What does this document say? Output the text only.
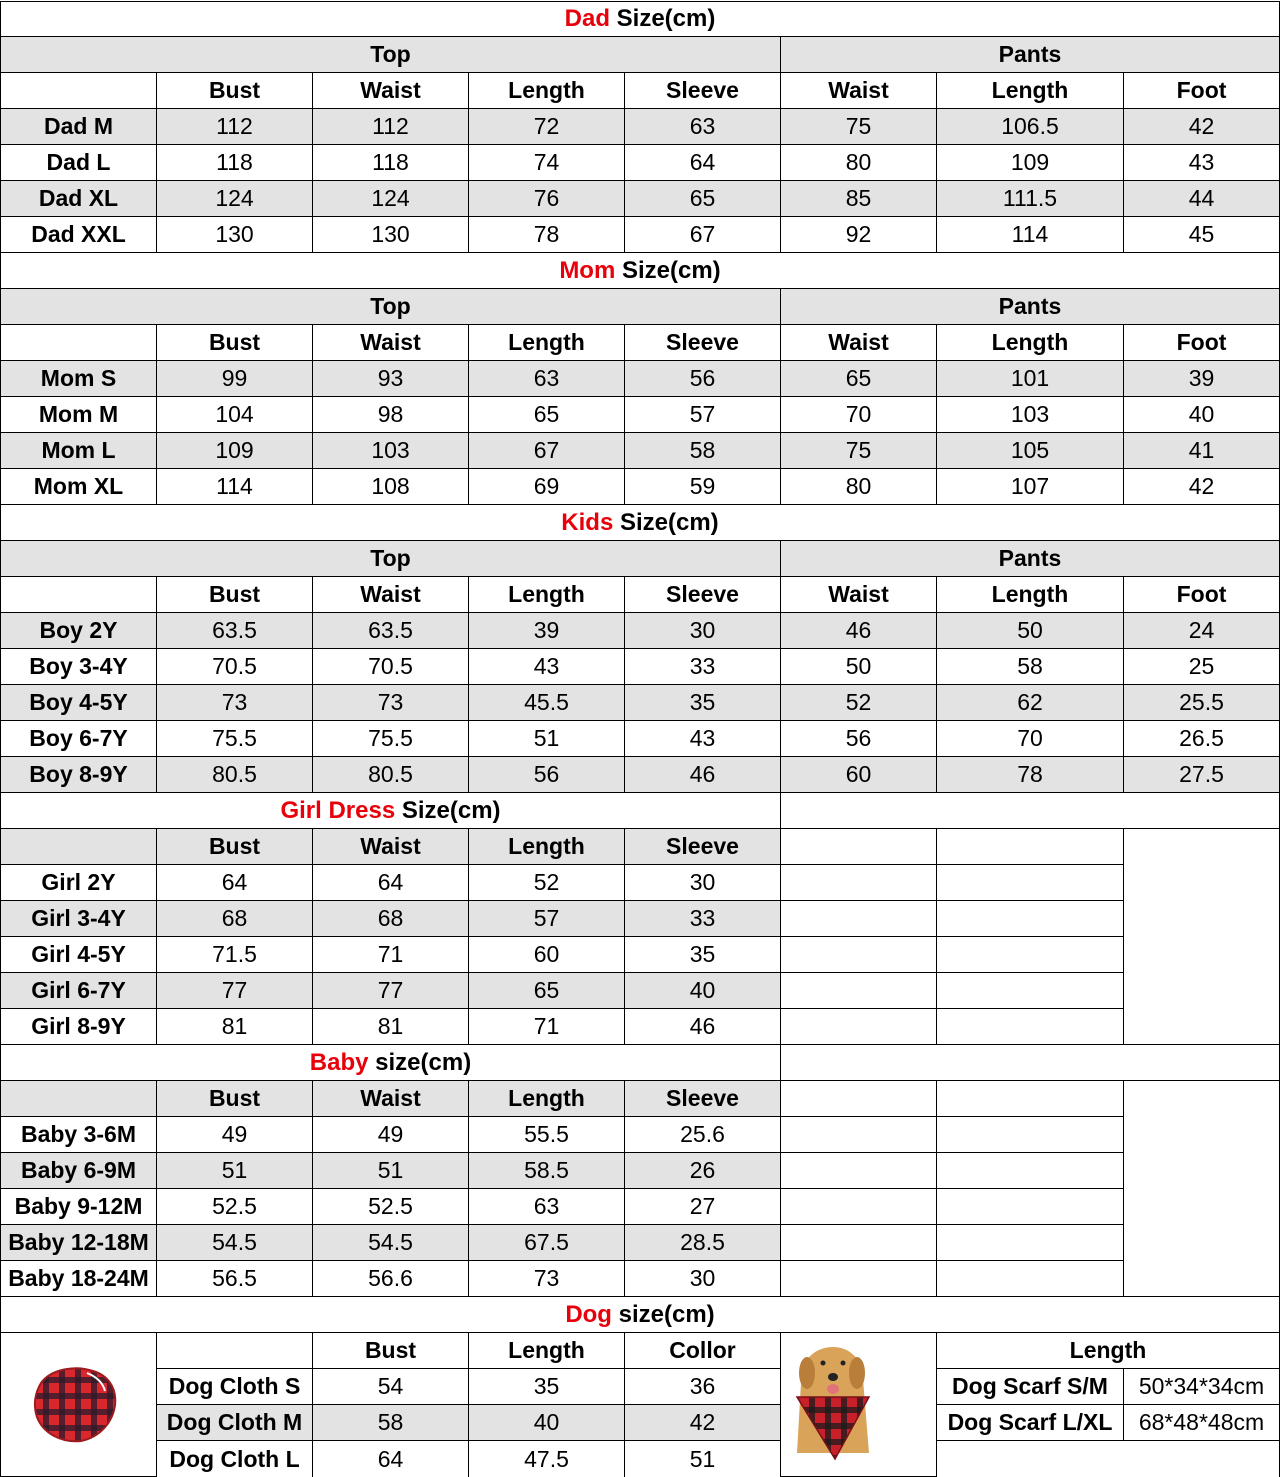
Dad Size(cm)
Top	Pants
Bust	Waist	Length	Sleeve	Waist	Length	Foot
Dad M	112	112	72	63	75	106.5	42
Dad L	118	118	74	64	80	109	43
Dad XL	124	124	76	65	85	111.5	44
Dad XXL	130	130	78	67	92	114	45
Mom Size(cm)
Top	Pants
Bust	Waist	Length	Sleeve	Waist	Length	Foot
Mom S	99	93	63	56	65	101	39
Mom M	104	98	65	57	70	103	40
Mom L	109	103	67	58	75	105	41
Mom XL	114	108	69	59	80	107	42
Kids Size(cm)
Top	Pants
Bust	Waist	Length	Sleeve	Waist	Length	Foot
Boy 2Y	63.5	63.5	39	30	46	50	24
Boy 3-4Y	70.5	70.5	43	33	50	58	25
Boy 4-5Y	73	73	45.5	35	52	62	25.5
Boy 6-7Y	75.5	75.5	51	43	56	70	26.5
Boy 8-9Y	80.5	80.5	56	46	60	78	27.5
Girl Dress Size(cm)
Bust	Waist	Length	Sleeve
Girl 2Y	64	64	52	30
Girl 3-4Y	68	68	57	33
Girl 4-5Y	71.5	71	60	35
Girl 6-7Y	77	77	65	40
Girl 8-9Y	81	81	71	46
Baby size(cm)
Bust	Waist	Length	Sleeve
Baby 3-6M	49	49	55.5	25.6
Baby 6-9M	51	51	58.5	26
Baby 9-12M	52.5	52.5	63	27
Baby 12-18M	54.5	54.5	67.5	28.5
Baby 18-24M	56.5	56.6	73	30
Dog size(cm)
Bust	Length	Collor
Dog Cloth S	54	35	36
Dog Cloth M	58	40	42
Dog Cloth L	64	47.5	51
Length
Dog Scarf S/M	50*34*34cm
Dog Scarf L/XL	68*48*48cm
